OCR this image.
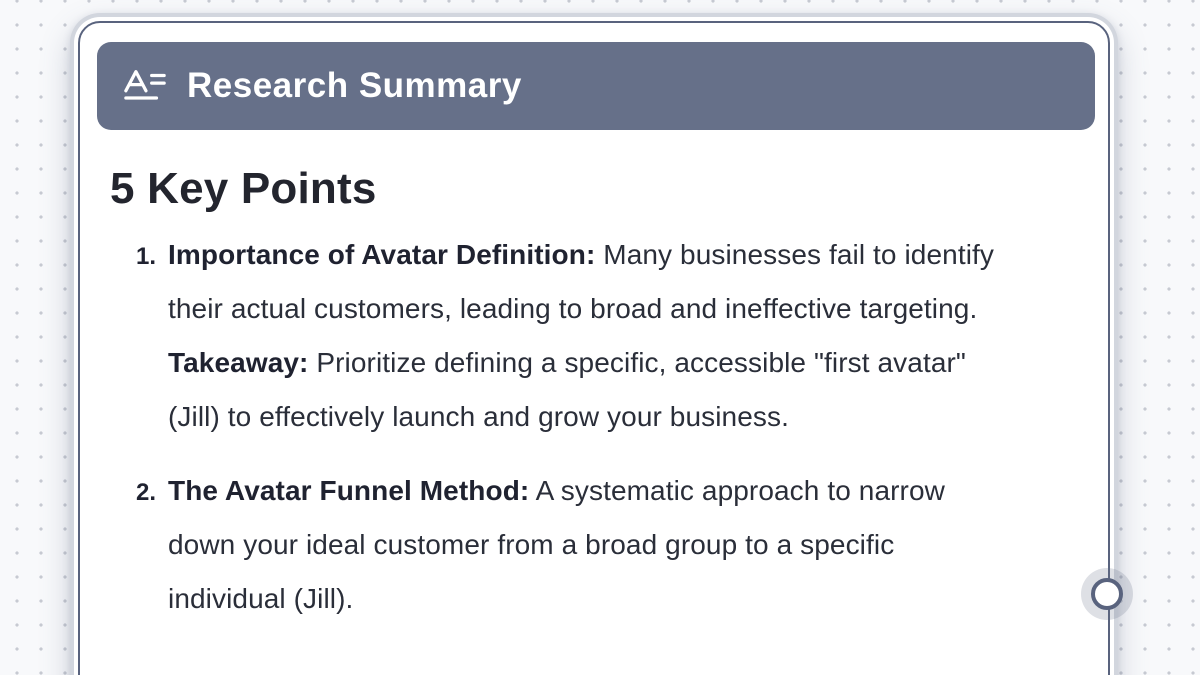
Research Summary
5 Key Points
1. Importance of Avatar Definition: Many businesses fail to identify their actual customers, leading to broad and ineffective targeting.
Takeaway: Prioritize defining a specific, accessible "first avatar" (Jill) to effectively launch and grow your business.
2. The Avatar Funnel Method: A systematic approach to narrow down your ideal customer from a broad group to a specific individual (Jill).
